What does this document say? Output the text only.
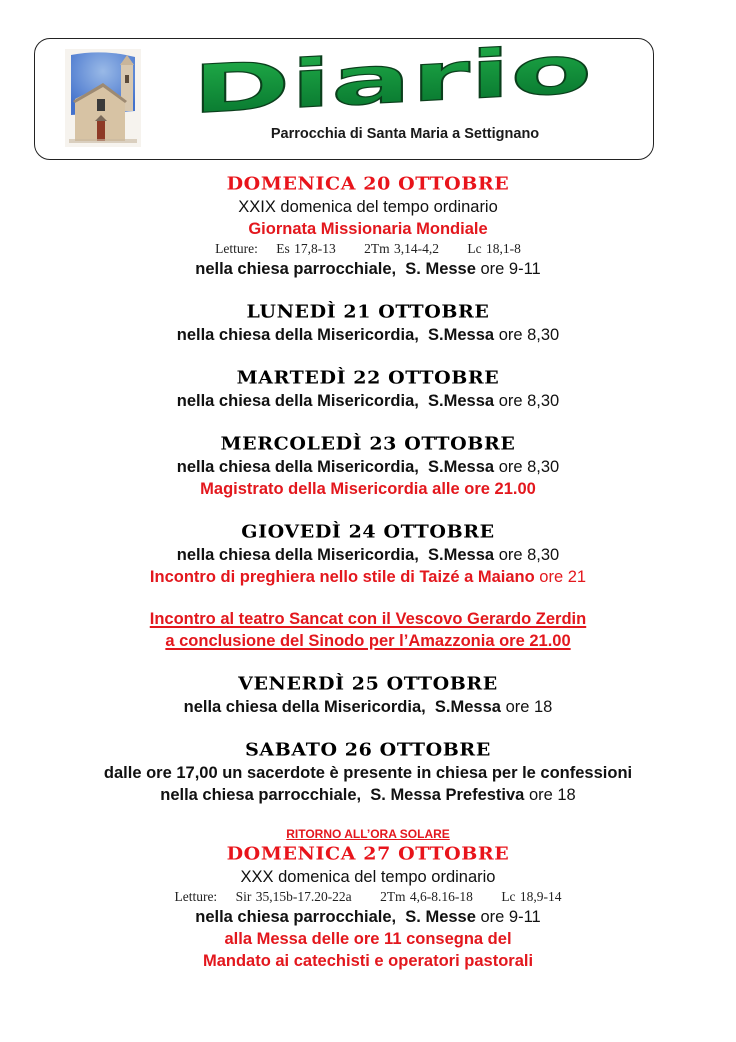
Diario
Parrocchia di Santa Maria a Settignano
DOMENICA 20 OTTOBRE
XXIX domenica del tempo ordinario
Giornata Missionaria Mondiale
Letture: Es 17,8-13 2Tm 3,14-4,2 Lc 18,1-8
nella chiesa parrocchiale, S. Messe ore 9-11
LUNEDÌ 21 OTTOBRE
nella chiesa della Misericordia, S.Messa ore 8,30
MARTEDÌ 22 OTTOBRE
nella chiesa della Misericordia, S.Messa ore 8,30
MERCOLEDÌ 23 OTTOBRE
nella chiesa della Misericordia, S.Messa ore 8,30
Magistrato della Misericordia alle ore 21.00
GIOVEDÌ 24 OTTOBRE
nella chiesa della Misericordia, S.Messa ore 8,30
Incontro di preghiera nello stile di Taizé a Maiano ore 21
Incontro al teatro Sancat con il Vescovo Gerardo Zerdin
a conclusione del Sinodo per l’Amazzonia ore 21.00
VENERDÌ 25 OTTOBRE
nella chiesa della Misericordia, S.Messa ore 18
SABATO 26 OTTOBRE
dalle ore 17,00 un sacerdote è presente in chiesa per le confessioni
nella chiesa parrocchiale, S. Messa Prefestiva ore 18
RITORNO ALL’ORA SOLARE
DOMENICA 27 OTTOBRE
XXX domenica del tempo ordinario
Letture: Sir 35,15b-17.20-22a 2Tm 4,6-8.16-18 Lc 18,9-14
nella chiesa parrocchiale, S. Messe ore 9-11
alla Messa delle ore 11 consegna del
Mandato ai catechisti e operatori pastorali
